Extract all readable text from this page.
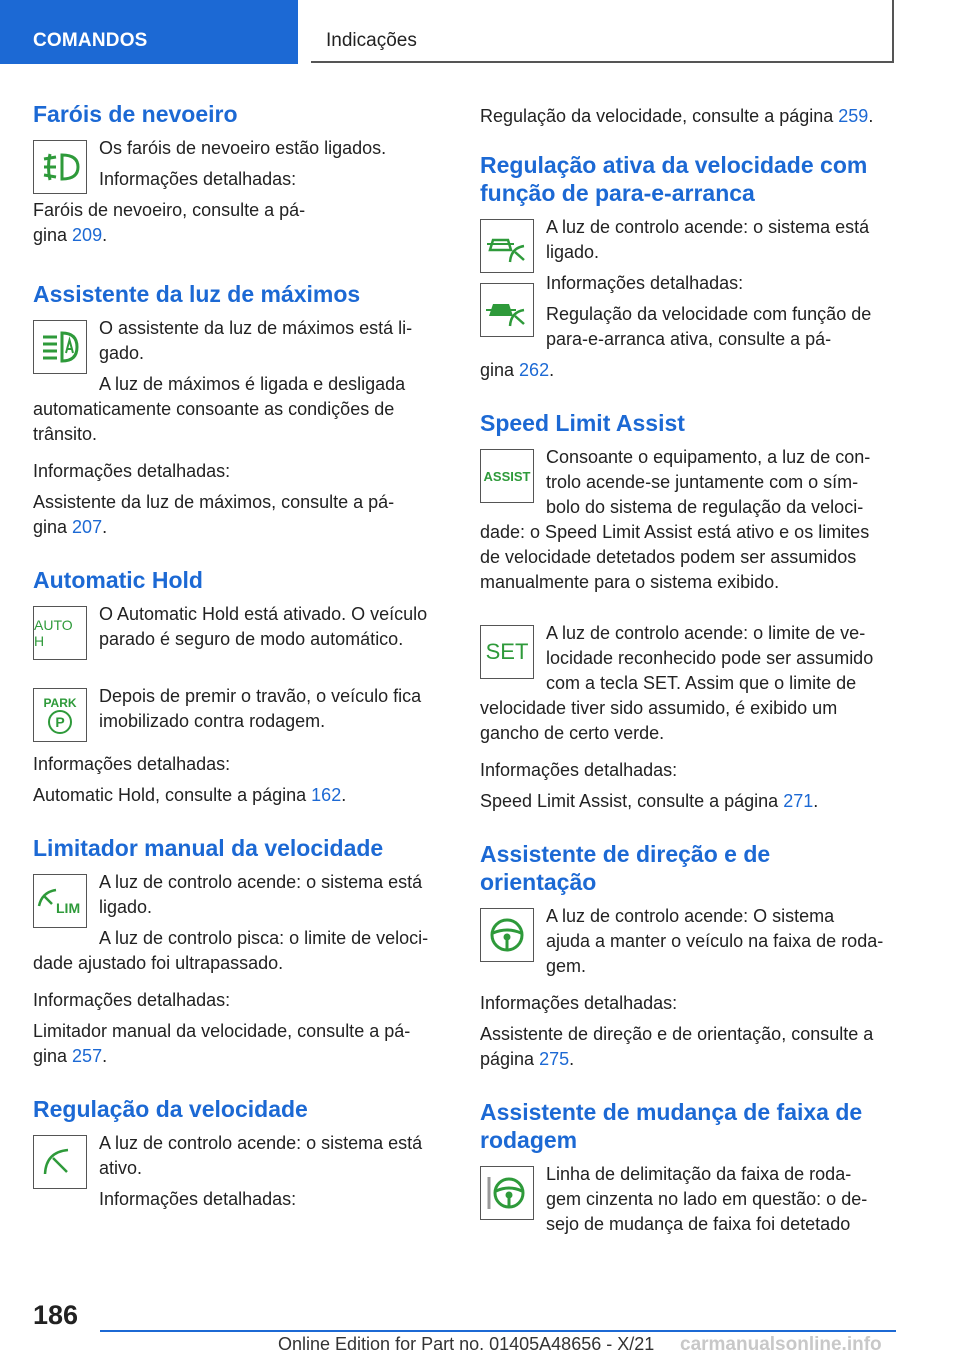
COMANDOS	Indicações
Faróis de nevoeiro

Os faróis de nevoeiro estão ligados.

Informações detalhadas:

Faróis de nevoeiro, consulte a pá-
gina 209.

Assistente da luz de máximos

O assistente da luz de máximos está li-
gado.

A luz de máximos é ligada e desligada
automaticamente consoante as condições de
trânsito.

Informações detalhadas:

Assistente da luz de máximos, consulte a pá-
gina 207.

Automatic Hold
AUTO H

O Automatic Hold está ativado. O veículo
parado é seguro de modo automático.

PARK
P

Depois de premir o travão, o veículo fica
imobilizado contra rodagem.

Informações detalhadas:

Automatic Hold, consulte a página 162.

Limitador manual da velocidade
LIM

A luz de controlo acende: o sistema está
ligado.

A luz de controlo pisca: o limite de veloci-
dade ajustado foi ultrapassado.

Informações detalhadas:

Limitador manual da velocidade, consulte a pá-
gina 257.

Regulação da velocidade

A luz de controlo acende: o sistema está
ativo.

Informações detalhadas:

Regulação da velocidade, consulte a página 259.

Regulação ativa da velocidade com
função de para-e-arranca

A luz de controlo acende: o sistema está
ligado.

Informações detalhadas:

Regulação da velocidade com função de
para-e-arranca ativa, consulte a pá-

gina 262.

Speed Limit Assist
ASSIST

Consoante o equipamento, a luz de con-
trolo acende-se juntamente com o sím-
bolo do sistema de regulação da veloci-
dade: o Speed Limit Assist está ativo e os limites
de velocidade detetados podem ser assumidos
manualmente para o sistema exibido.

SET

A luz de controlo acende: o limite de ve-
locidade reconhecido pode ser assumido
com a tecla SET. Assim que o limite de
velocidade tiver sido assumido, é exibido um
gancho de certo verde.

Informações detalhadas:

Speed Limit Assist, consulte a página 271.

Assistente de direção e de
orientação

A luz de controlo acende: O sistema
ajuda a manter o veículo na faixa de roda-
gem.

Informações detalhadas:

Assistente de direção e de orientação, consulte a
página 275.

Assistente de mudança de faixa de
rodagem

Linha de delimitação da faixa de roda-
gem cinzenta no lado em questão: o de-
sejo de mudança de faixa foi detetado

186
Online Edition for Part no. 01405A48656 - X/21 carmanualsonline.info
